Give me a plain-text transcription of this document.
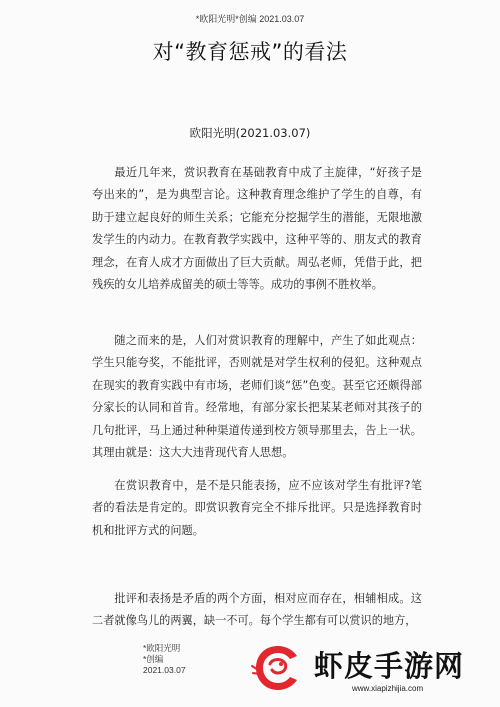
*欧阳光明*创编 2021.03.07
对“教育惩戒”的看法
欧阳光明(2021.03.07)

最近几年来，赏识教育在基础教育中成了主旋律，“好孩子是夸出来的”，是为典型言论。这种教育理念维护了学生的自尊，有助于建立起良好的师生关系；它能充分挖掘学生的潜能，无限地激发学生的内动力。在教育教学实践中，这种平等的、朋友式的教育理念，在育人成才方面做出了巨大贡献。周弘老师，凭借于此，把残疾的女儿培养成留美的硕士等等。成功的事例不胜枚举。

随之而来的是，人们对赏识教育的理解中，产生了如此观点：学生只能夸奖，不能批评，否则就是对学生权利的侵犯。这种观点在现实的教育实践中有市场，老师们谈“惩”色变。甚至它还颇得部分家长的认同和首肯。经常地，有部分家长把某某老师对其孩子的几句批评，马上通过种种渠道传递到校方领导那里去，告上一状。其理由就是：这大大违背现代育人思想。

在赏识教育中，是不是只能表扬，应不应该对学生有批评?笔者的看法是肯定的。即赏识教育完全不排斥批评。只是选择教育时机和批评方式的问题。

批评和表扬是矛盾的两个方面，相对应而存在，相辅相成。这二者就像鸟儿的两翼，缺一不可。每个学生都有可以赏识的地方，

*欧阳光明*创编 2021.03.07	虾皮手游网
www.xiapizhijia.com
